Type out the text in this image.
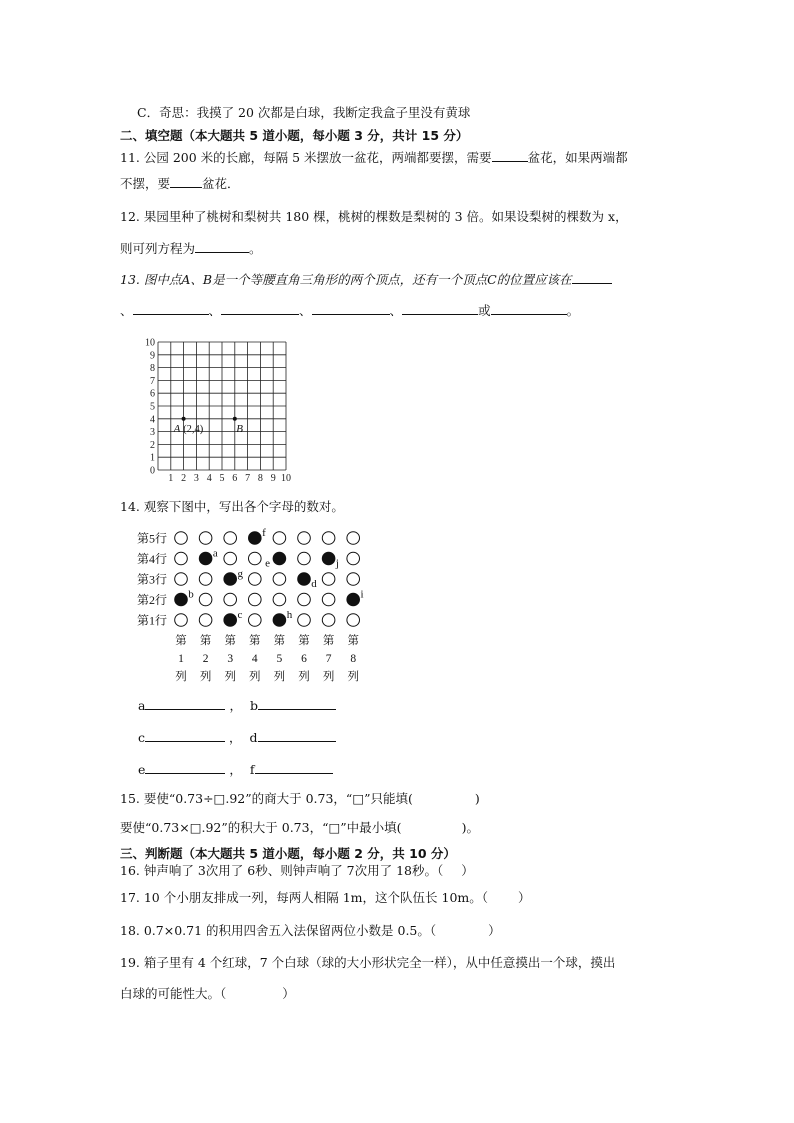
C．奇思：我摸了 20 次都是白球，我断定我盒子里没有黄球
二、填空题（本大题共 5 道小题，每小题 3 分，共计 15 分）
11. 公园 200 米的长廊，每隔 5 米摆放一盆花，两端都要摆，需要	盆花，如果两端都
不摆，要	盆花．
12. 果园里种了桃树和梨树共 180 棵，桃树的棵数是梨树的 3 倍。如果设梨树的棵数为 x，
则可列方程为	。
13. 图中点A、B是一个等腰直角三角形的两个顶点，还有一个顶点C的位置应该在
、	、	、	、	或	。
10
9
8
7
6
5
4
3
2
1
0
1 2 3 4 5 6 7 8 9 10
A (2,4)	B
14. 观察下图中，写出各个字母的数对。
第5行	f
第4行	a
e	j
第3行	g
d
第2行 b	i
第1行	c	h
第
1
列
第
2
列
第
3
列
第
4
列
第
5
列
第
6
列
第
7
列
第
8
列
a	， b
c	， d
e	， f
15. 要使“0.73÷□.92”的商大于 0.73，“□”只能填(	)
要使“0.73×□.92”的积大于 0.73，“□”中最小填(	)。
三、判断题（本大题共 5 道小题，每小题 2 分，共 10 分）
16. 钟声响了 3次用了 6秒、则钟声响了 7次用了 18秒。（ ）
17. 10 个小朋友排成一列，每两人相隔 1m，这个队伍长 10m。（ ）
18. 0.7×0.71 的积用四舍五入法保留两位小数是 0.5。（	）
19. 箱子里有 4 个红球，7 个白球（球的大小形状完全一样），从中任意摸出一个球，摸出
白球的可能性大。（	）
